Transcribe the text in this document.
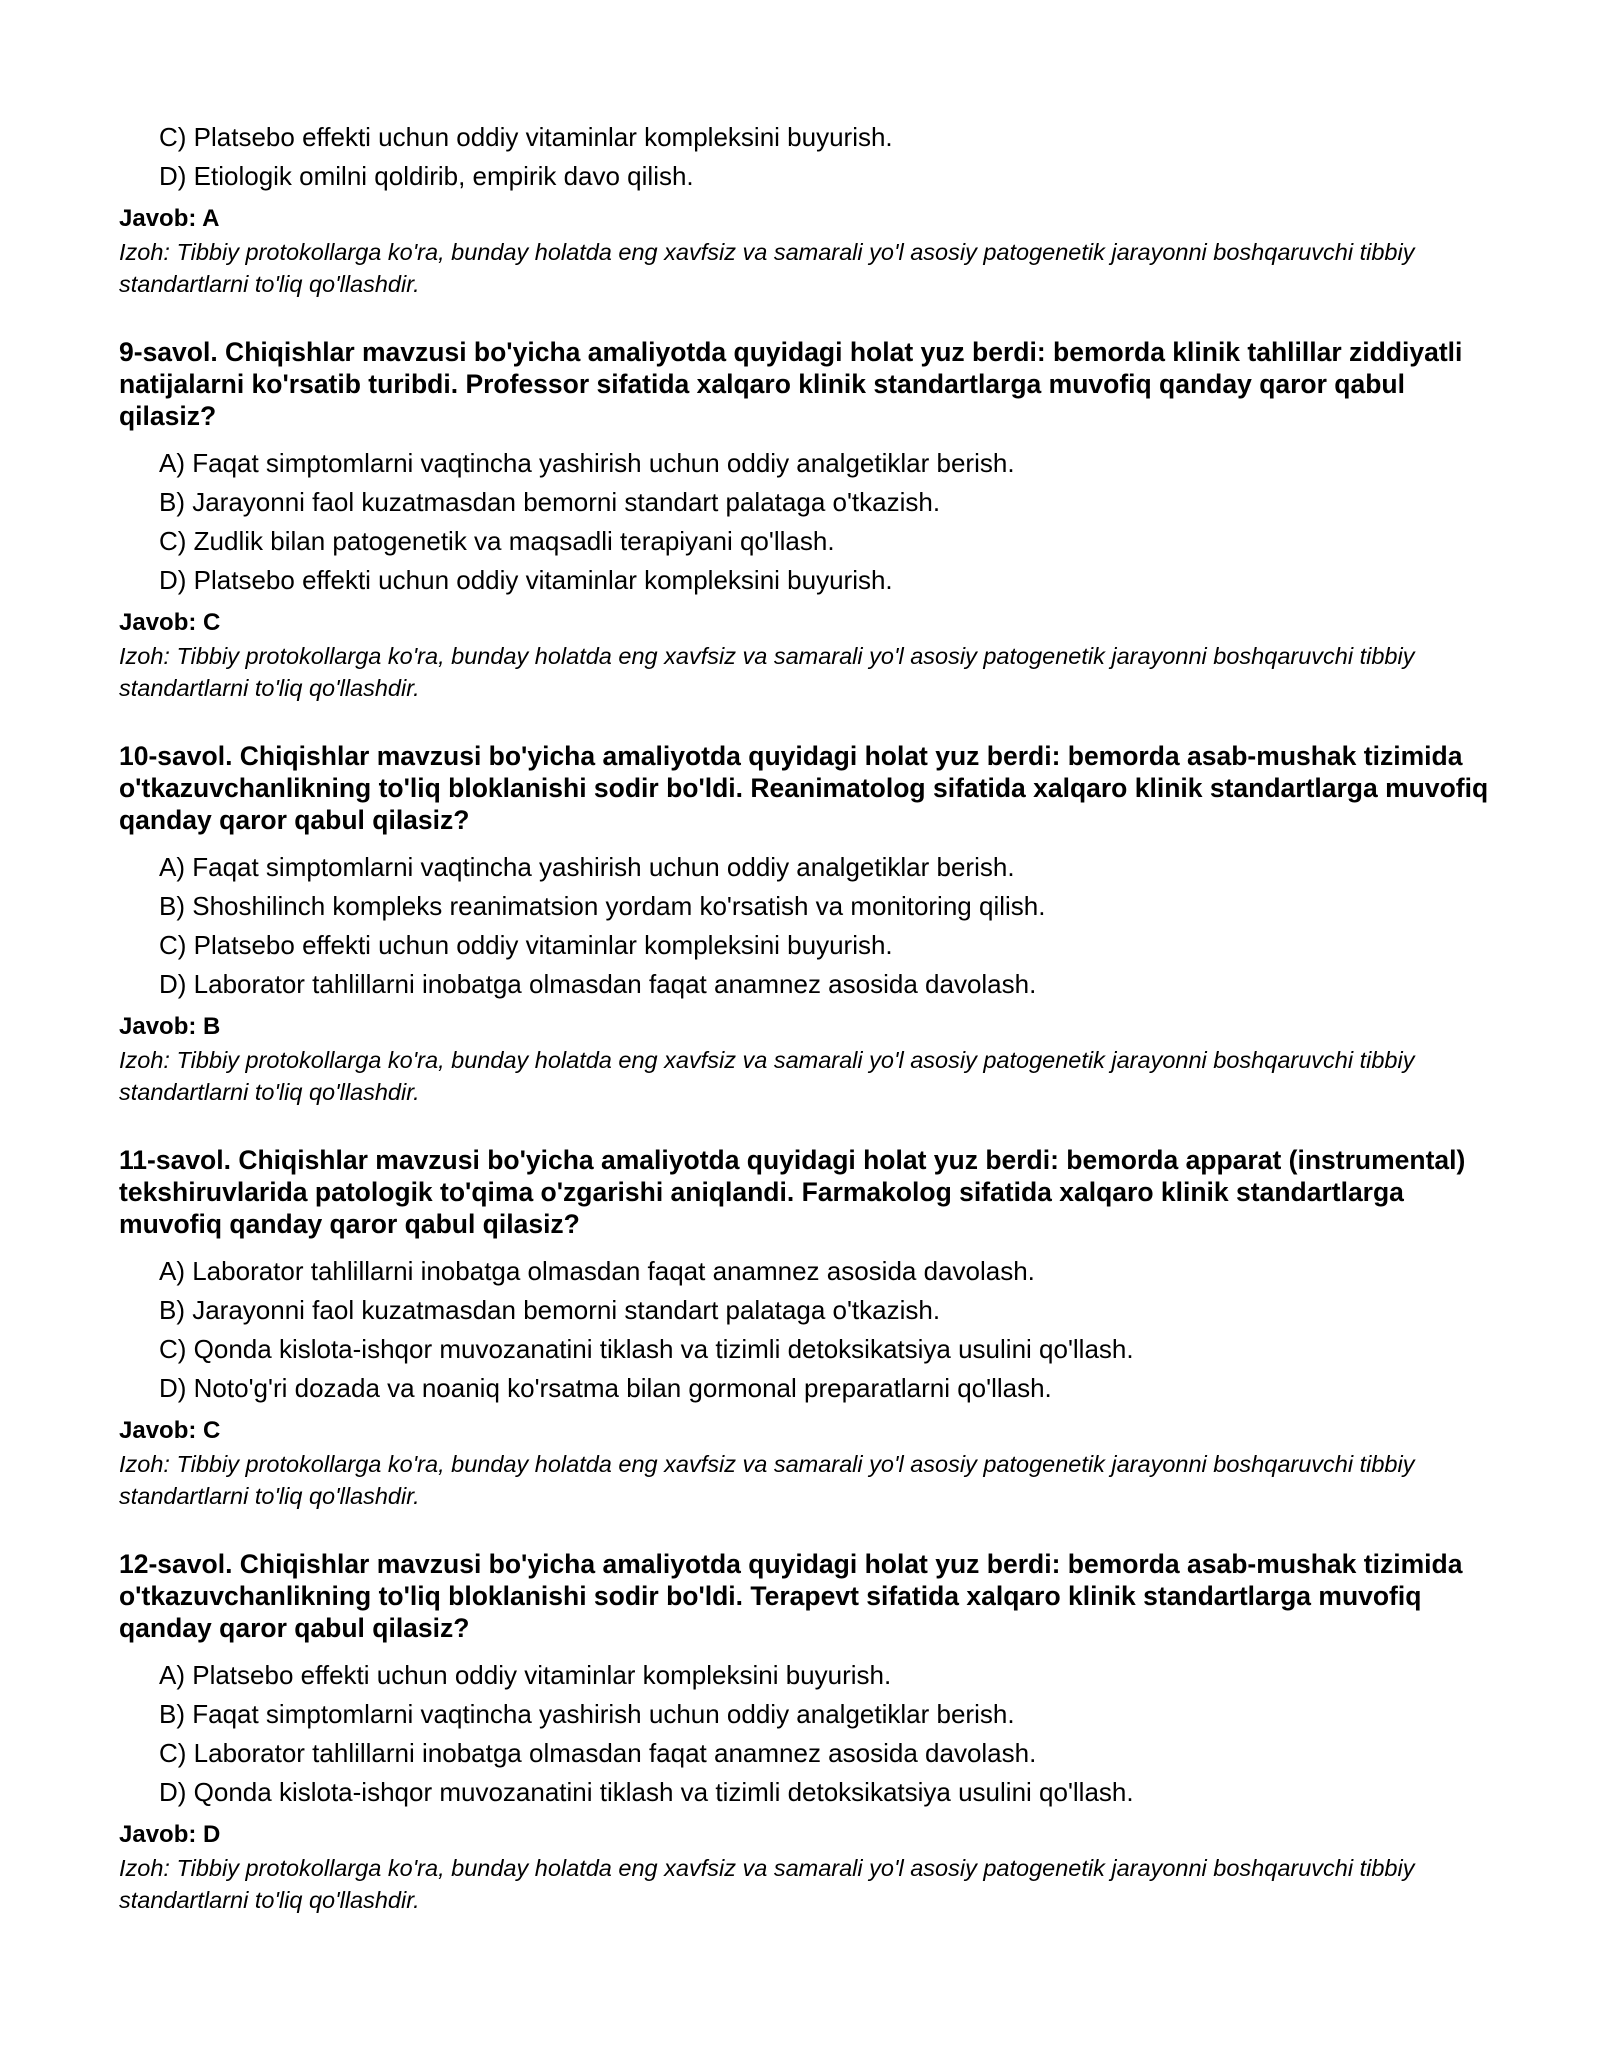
C) Platsebo effekti uchun oddiy vitaminlar kompleksini buyurish.
D) Etiologik omilni qoldirib, empirik davo qilish.
Javob: A
Izoh: Tibbiy protokollarga ko'ra, bunday holatda eng xavfsiz va samarali yo'l asosiy patogenetik jarayonni boshqaruvchi tibbiy standartlarni to'liq qo'llashdir.
9-savol. Chiqishlar mavzusi bo'yicha amaliyotda quyidagi holat yuz berdi: bemorda klinik tahlillar ziddiyatli natijalarni ko'rsatib turibdi. Professor sifatida xalqaro klinik standartlarga muvofiq qanday qaror qabul qilasiz?
A) Faqat simptomlarni vaqtincha yashirish uchun oddiy analgetiklar berish.
B) Jarayonni faol kuzatmasdan bemorni standart palataga o'tkazish.
C) Zudlik bilan patogenetik va maqsadli terapiyani qo'llash.
D) Platsebo effekti uchun oddiy vitaminlar kompleksini buyurish.
Javob: C
Izoh: Tibbiy protokollarga ko'ra, bunday holatda eng xavfsiz va samarali yo'l asosiy patogenetik jarayonni boshqaruvchi tibbiy standartlarni to'liq qo'llashdir.
10-savol. Chiqishlar mavzusi bo'yicha amaliyotda quyidagi holat yuz berdi: bemorda asab-mushak tizimida o'tkazuvchanlikning to'liq bloklanishi sodir bo'ldi. Reanimatolog sifatida xalqaro klinik standartlarga muvofiq qanday qaror qabul qilasiz?
A) Faqat simptomlarni vaqtincha yashirish uchun oddiy analgetiklar berish.
B) Shoshilinch kompleks reanimatsion yordam ko'rsatish va monitoring qilish.
C) Platsebo effekti uchun oddiy vitaminlar kompleksini buyurish.
D) Laborator tahlillarni inobatga olmasdan faqat anamnez asosida davolash.
Javob: B
Izoh: Tibbiy protokollarga ko'ra, bunday holatda eng xavfsiz va samarali yo'l asosiy patogenetik jarayonni boshqaruvchi tibbiy standartlarni to'liq qo'llashdir.
11-savol. Chiqishlar mavzusi bo'yicha amaliyotda quyidagi holat yuz berdi: bemorda apparat (instrumental) tekshiruvlarida patologik to'qima o'zgarishi aniqlandi. Farmakolog sifatida xalqaro klinik standartlarga muvofiq qanday qaror qabul qilasiz?
A) Laborator tahlillarni inobatga olmasdan faqat anamnez asosida davolash.
B) Jarayonni faol kuzatmasdan bemorni standart palataga o'tkazish.
C) Qonda kislota-ishqor muvozanatini tiklash va tizimli detoksikatsiya usulini qo'llash.
D) Noto'g'ri dozada va noaniq ko'rsatma bilan gormonal preparatlarni qo'llash.
Javob: C
Izoh: Tibbiy protokollarga ko'ra, bunday holatda eng xavfsiz va samarali yo'l asosiy patogenetik jarayonni boshqaruvchi tibbiy standartlarni to'liq qo'llashdir.
12-savol. Chiqishlar mavzusi bo'yicha amaliyotda quyidagi holat yuz berdi: bemorda asab-mushak tizimida o'tkazuvchanlikning to'liq bloklanishi sodir bo'ldi. Terapevt sifatida xalqaro klinik standartlarga muvofiq qanday qaror qabul qilasiz?
A) Platsebo effekti uchun oddiy vitaminlar kompleksini buyurish.
B) Faqat simptomlarni vaqtincha yashirish uchun oddiy analgetiklar berish.
C) Laborator tahlillarni inobatga olmasdan faqat anamnez asosida davolash.
D) Qonda kislota-ishqor muvozanatini tiklash va tizimli detoksikatsiya usulini qo'llash.
Javob: D
Izoh: Tibbiy protokollarga ko'ra, bunday holatda eng xavfsiz va samarali yo'l asosiy patogenetik jarayonni boshqaruvchi tibbiy standartlarni to'liq qo'llashdir.
